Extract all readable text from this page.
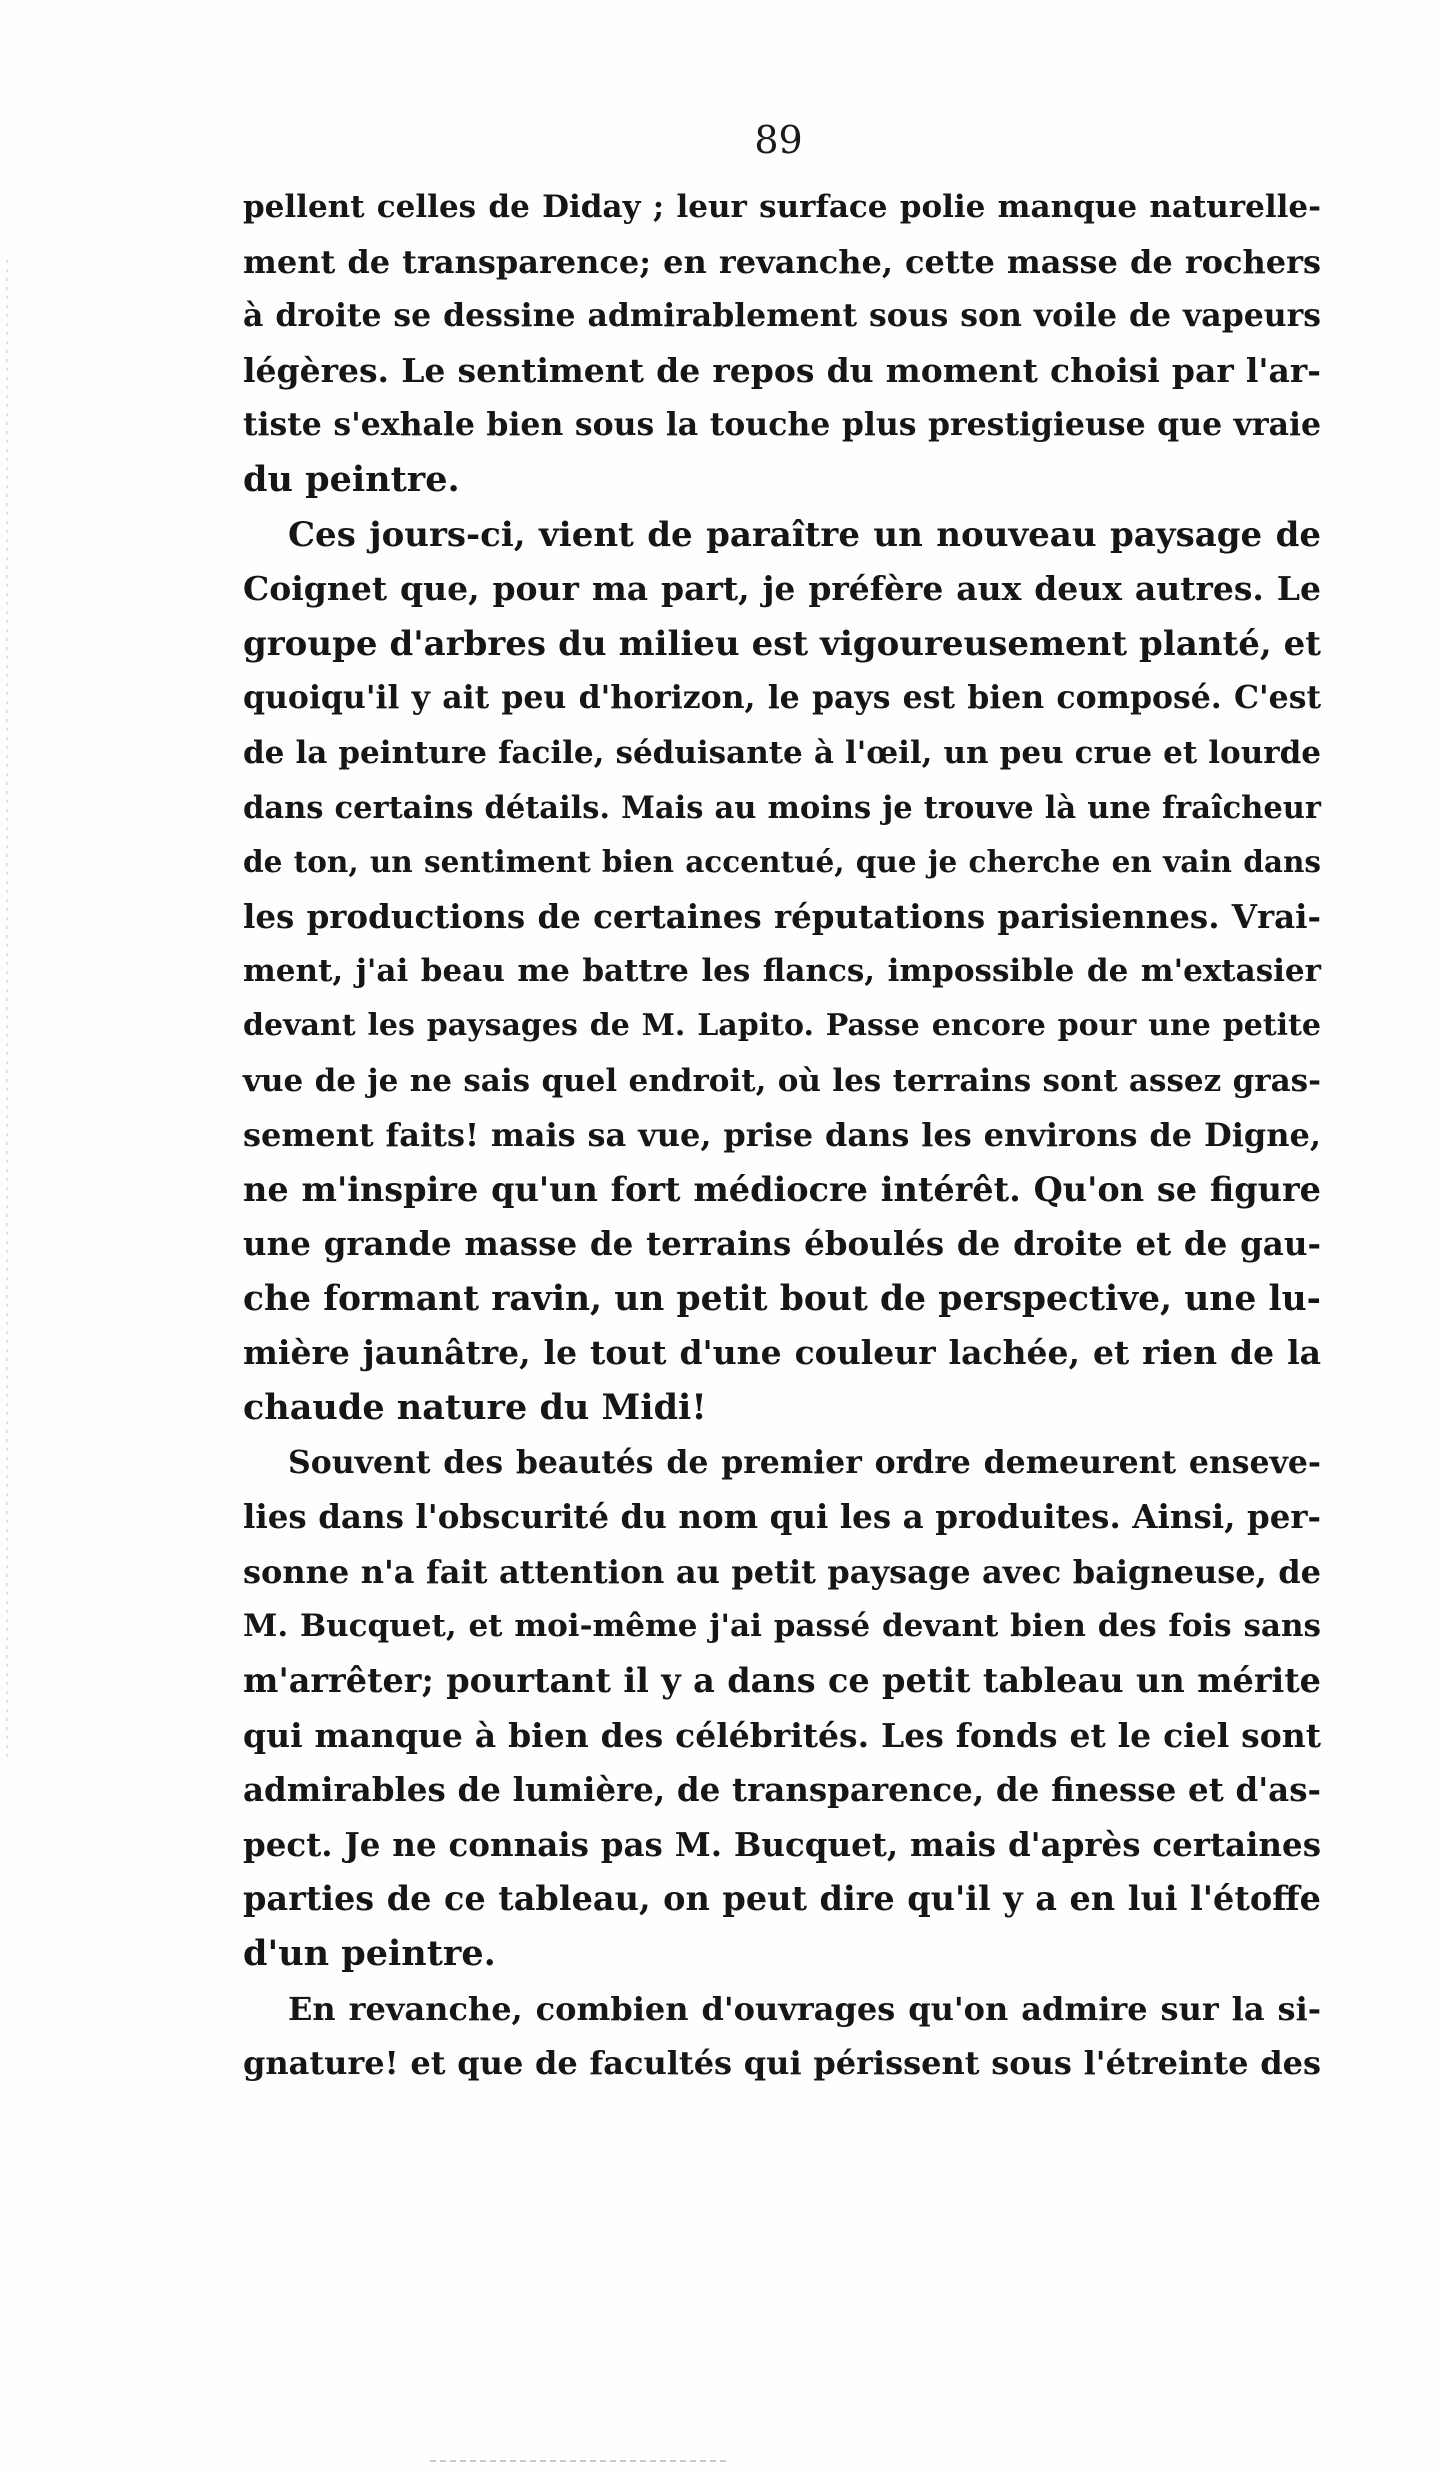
89
pellent celles de Diday ; leur surface polie manque naturelle-
ment de transparence; en revanche, cette masse de rochers
à droite se dessine admirablement sous son voile de vapeurs
légères. Le sentiment de repos du moment choisi par l'ar-
tiste s'exhale bien sous la touche plus prestigieuse que vraie
du peintre.
Ces jours-ci, vient de paraître un nouveau paysage de
Coignet que, pour ma part, je préfère aux deux autres. Le
groupe d'arbres du milieu est vigoureusement planté, et
quoiqu'il y ait peu d'horizon, le pays est bien composé. C'est
de la peinture facile, séduisante à l'œil, un peu crue et lourde
dans certains détails. Mais au moins je trouve là une fraîcheur
de ton, un sentiment bien accentué, que je cherche en vain dans
les productions de certaines réputations parisiennes. Vrai-
ment, j'ai beau me battre les flancs, impossible de m'extasier
devant les paysages de M. Lapito. Passe encore pour une petite
vue de je ne sais quel endroit, où les terrains sont assez gras-
sement faits! mais sa vue, prise dans les environs de Digne,
ne m'inspire qu'un fort médiocre intérêt. Qu'on se figure
une grande masse de terrains éboulés de droite et de gau-
che formant ravin, un petit bout de perspective, une lu-
mière jaunâtre, le tout d'une couleur lachée, et rien de la
chaude nature du Midi!
Souvent des beautés de premier ordre demeurent enseve-
lies dans l'obscurité du nom qui les a produites. Ainsi, per-
sonne n'a fait attention au petit paysage avec baigneuse, de
M. Bucquet, et moi-même j'ai passé devant bien des fois sans
m'arrêter; pourtant il y a dans ce petit tableau un mérite
qui manque à bien des célébrités. Les fonds et le ciel sont
admirables de lumière, de transparence, de finesse et d'as-
pect. Je ne connais pas M. Bucquet, mais d'après certaines
parties de ce tableau, on peut dire qu'il y a en lui l'étoffe
d'un peintre.
En revanche, combien d'ouvrages qu'on admire sur la si-
gnature! et que de facultés qui périssent sous l'étreinte des
